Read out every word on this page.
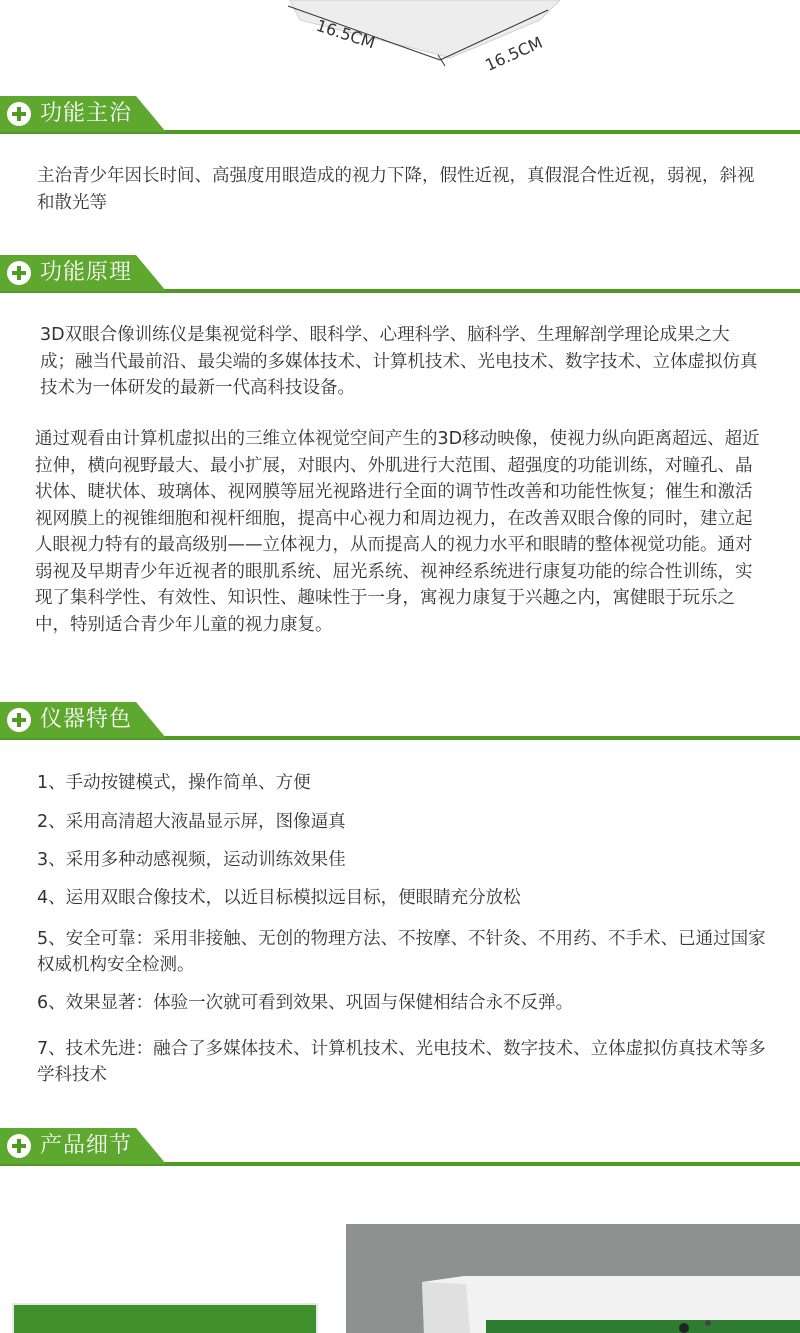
16.5CM	16.5CM
功能主治
主治青少年因长时间、高强度用眼造成的视力下降，假性近视，真假混合性近视，弱视，斜视和散光等
功能原理
3D双眼合像训练仪是集视觉科学、眼科学、心理科学、脑科学、生理解剖学理论成果之大成；融当代最前沿、最尖端的多媒体技术、计算机技术、光电技术、数字技术、立体虚拟仿真技术为一体研发的最新一代高科技设备。
通过观看由计算机虚拟出的三维立体视觉空间产生的3D移动映像，使视力纵向距离超远、超近拉伸，横向视野最大、最小扩展，对眼内、外肌进行大范围、超强度的功能训练，对瞳孔、晶状体、睫状体、玻璃体、视网膜等屈光视路进行全面的调节性改善和功能性恢复；催生和激活视网膜上的视锥细胞和视杆细胞，提高中心视力和周边视力，在改善双眼合像的同时，建立起人眼视力特有的最高级别——立体视力，从而提高人的视力水平和眼睛的整体视觉功能。通对弱视及早期青少年近视者的眼肌系统、屈光系统、视神经系统进行康复功能的综合性训练，实现了集科学性、有效性、知识性、趣味性于一身，寓视力康复于兴趣之内，寓健眼于玩乐之中，特别适合青少年儿童的视力康复。
仪器特色
1、手动按键模式，操作简单、方便
2、采用高清超大液晶显示屏，图像逼真
3、采用多种动感视频，运动训练效果佳
4、运用双眼合像技术，以近目标模拟远目标，便眼睛充分放松
5、安全可靠：采用非接触、无创的物理方法、不按摩、不针灸、不用药、不手术、已通过国家权威机构安全检测。
6、效果显著：体验一次就可看到效果、巩固与保健相结合永不反弹。
7、技术先进：融合了多媒体技术、计算机技术、光电技术、数字技术、立体虚拟仿真技术等多学科技术
产品细节
